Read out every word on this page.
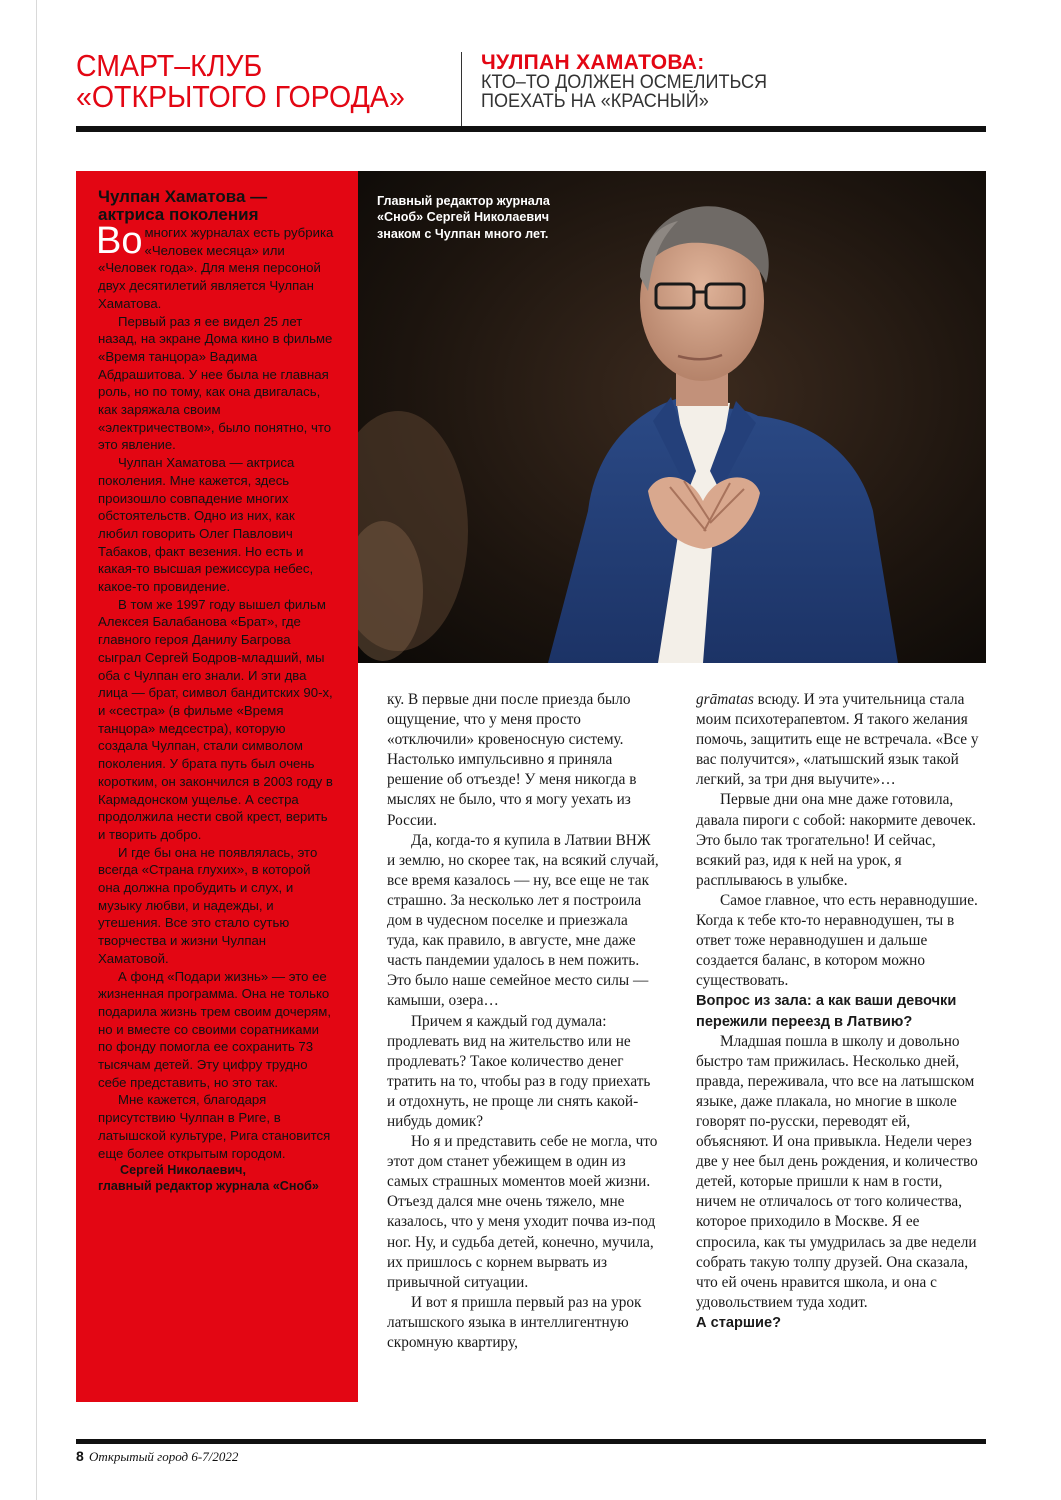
СМАРТ–КЛУБ
«ОТКРЫТОГО ГОРОДА»
ЧУЛПАН ХАМАТОВА:
КТО–ТО ДОЛЖЕН ОСМЕЛИТЬСЯ
ПОЕХАТЬ НА «КРАСНЫЙ»
Чулпан Хаматова —
актриса поколения

Во многих журналах есть рубрика «Человек месяца» или «Человек года». Для меня персоной двух десятилетий является Чулпан Хаматова.

Первый раз я ее видел 25 лет назад, на экране Дома кино в фильме «Время танцора» Вадима Абдрашитова. У нее была не главная роль, но по тому, как она двигалась, как заряжала своим «электричеством», было понятно, что это явление.

Чулпан Хаматова — актриса поколения. Мне кажется, здесь произошло совпадение многих обстоятельств. Одно из них, как любил говорить Олег Павлович Табаков, факт везения. Но есть и какая-то высшая режиссура небес, какое-то провидение.

В том же 1997 году вышел фильм Алексея Балабанова «Брат», где главного героя Данилу Багрова сыграл Сергей Бодров-младший, мы оба с Чулпан его знали. И эти два лица — брат, символ бандитских 90-х, и «сестра» (в фильме «Время танцора» медсестра), которую создала Чулпан, стали символом поколения. У брата путь был очень коротким, он закончился в 2003 году в Кармадонском ущелье. А сестра продолжила нести свой крест, верить и творить добро.

И где бы она не появлялась, это всегда «Страна глухих», в которой она должна пробудить и слух, и музыку любви, и надежды, и утешения. Все это стало сутью творчества и жизни Чулпан Хаматовой.

А фонд «Подари жизнь» — это ее жизненная программа. Она не только подарила жизнь трем своим дочерям, но и вместе со своими соратниками по фонду помогла ее сохранить 73 тысячам детей. Эту цифру трудно себе представить, но это так.

Мне кажется, благодаря присутствию Чулпан в Риге, в латышской культуре, Рига становится еще более открытым городом.

Сергей Николаевич,
главный редактор журнала «Сноб»
Главный редактор журнала «Сноб» Сергей Николаевич знаком с Чулпан много лет.

ку. В первые дни после приезда было ощущение, что у меня просто «отключили» кровеносную систему. Настолько импульсивно я приняла решение об отъезде! У меня никогда в мыслях не было, что я могу уехать из России.

Да, когда-то я купила в Латвии ВНЖ и землю, но скорее так, на всякий случай, все время казалось — ну, все еще не так страшно. За несколько лет я построила дом в чудесном поселке и приезжала туда, как правило, в августе, мне даже часть пандемии удалось в нем пожить. Это было наше семейное место силы — камыши, озера…

Причем я каждый год думала: продлевать вид на жительство или не продлевать? Такое количество денег тратить на то, чтобы раз в году приехать и отдохнуть, не проще ли снять какой-нибудь домик?

Но я и представить себе не могла, что этот дом станет убежищем в один из самых страшных моментов моей жизни. Отъезд дался мне очень тяжело, мне казалось, что у меня уходит почва из-под ног. Ну, и судьба детей, конечно, мучила, их пришлось с корнем вырвать из привычной ситуации.

И вот я пришла первый раз на урок латышского языка в интеллигентную скромную квартиру,

grāmatas всюду. И эта учительница стала моим психотерапевтом. Я такого желания помочь, защитить еще не встречала. «Все у вас получится», «латышский язык такой легкий, за три дня выучите»…

Первые дни она мне даже готовила, давала пироги с собой: накормите девочек. Это было так трогательно! И сейчас, всякий раз, идя к ней на урок, я расплываюсь в улыбке.

Самое главное, что есть неравнодушие. Когда к тебе кто-то неравнодушен, ты в ответ тоже неравнодушен и дальше создается баланс, в котором можно существовать.

Вопрос из зала: а как ваши девочки пережили переезд в Латвию?

Младшая пошла в школу и довольно быстро там прижилась. Несколько дней, правда, переживала, что все на латышском языке, даже плакала, но многие в школе говорят по-русски, переводят ей, объясняют. И она привыкла. Недели через две у нее был день рождения, и количество детей, которые пришли к нам в гости, ничем не отличалось от того количества, которое приходило в Москве. Я ее спросила, как ты умудрилась за две недели собрать такую толпу друзей. Она сказала, что ей очень нравится школа, и она с удовольствием туда ходит.

А старшие?

8 Открытый город 6-7/2022
